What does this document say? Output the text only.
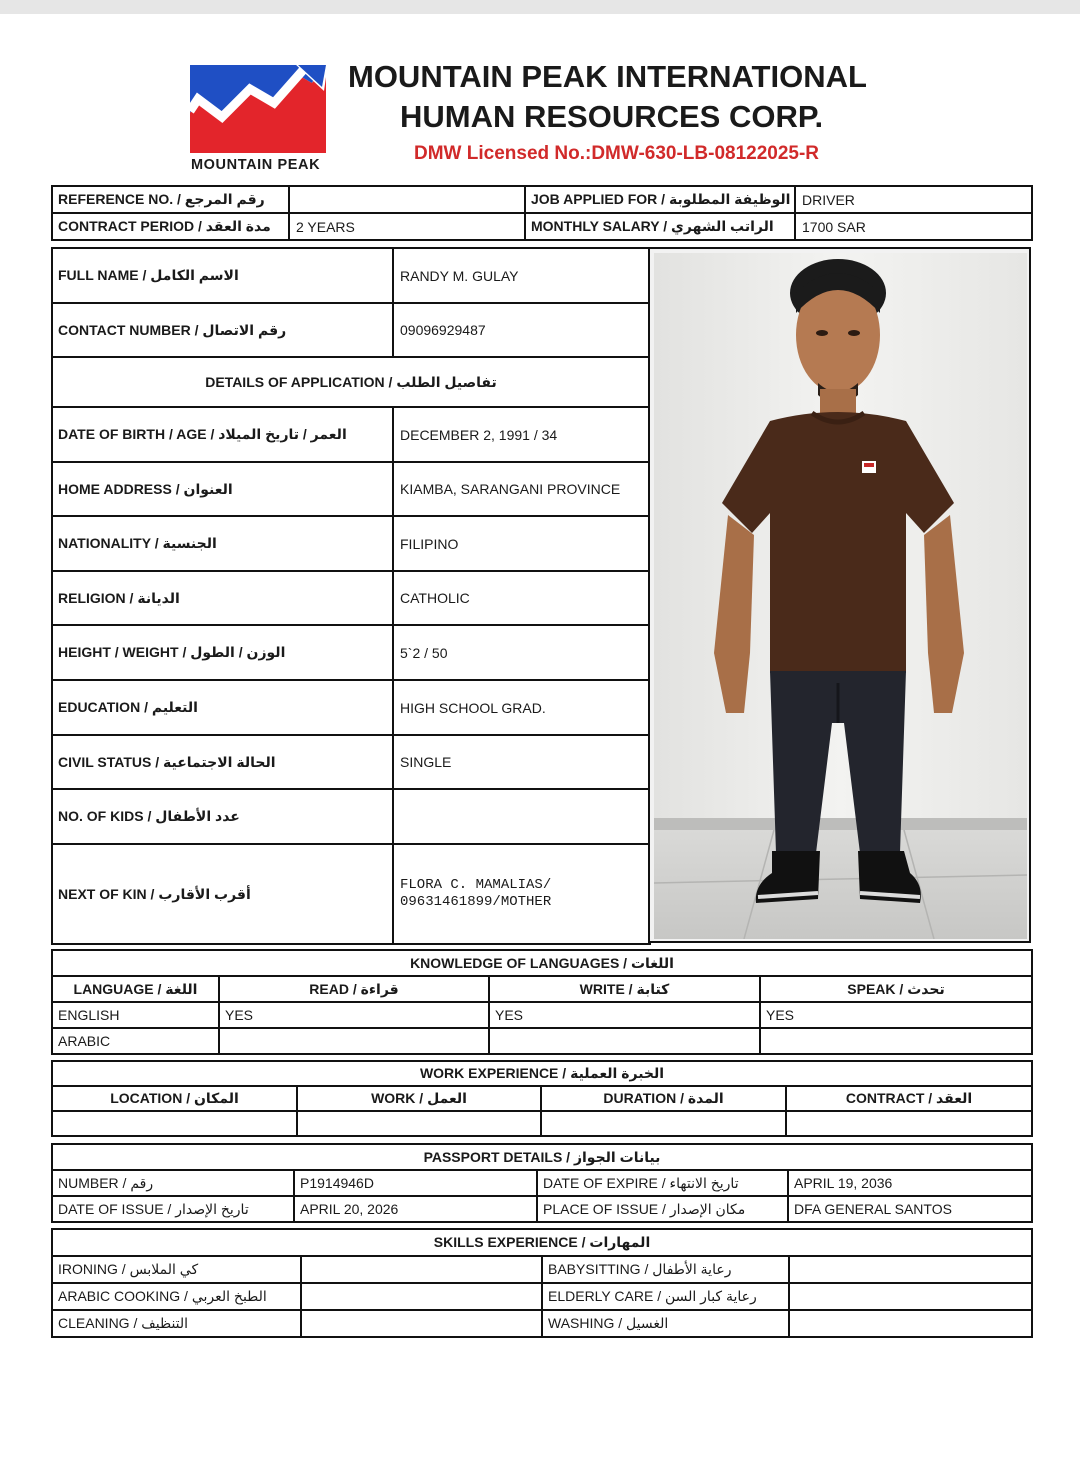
MOUNTAIN PEAK
MOUNTAIN PEAK INTERNATIONAL
HUMAN RESOURCES CORP.
DMW Licensed No.:DMW-630-LB-08122025-R
REFERENCE NO. / رقم المرجع		JOB APPLIED FOR / الوظيفة المطلوبة	DRIVER
CONTRACT PERIOD / مدة العقد	2 YEARS	MONTHLY SALARY / الراتب الشهري	1700 SAR
FULL NAME / الاسم الكامل	RANDY M. GULAY
CONTACT NUMBER / رقم الاتصال	09096929487
DETAILS OF APPLICATION / تفاصيل الطلب	
DATE OF BIRTH / AGE / العمر / تاريخ الميلاد	DECEMBER 2, 1991 / 34
HOME ADDRESS / العنوان	KIAMBA, SARANGANI PROVINCE
NATIONALITY / الجنسية	FILIPINO
RELIGION / الديانة	CATHOLIC
HEIGHT / WEIGHT / الوزن / الطول	5`2 / 50
EDUCATION / التعليم	HIGH SCHOOL GRAD.
CIVIL STATUS / الحالة الاجتماعية	SINGLE
NO. OF KIDS / عدد الأطفال	
NEXT OF KIN / أقرب الأقارب	FLORA C. MAMALIAS/
09631461899/MOTHER
KNOWLEDGE OF LANGUAGES / اللغات			
LANGUAGE / اللغة	READ / قراءة	WRITE / كتابة	SPEAK / تحدث
ENGLISH	YES	YES	YES
ARABIC			
WORK EXPERIENCE / الخبرة العملية			
LOCATION / المكان	WORK / العمل	DURATION / المدة	CONTRACT / العقد

PASSPORT DETAILS / بيانات الجواز			
NUMBER / رقم	P1914946D	DATE OF EXPIRE / تاريخ الانتهاء	APRIL 19, 2036
DATE OF ISSUE / تاريخ الإصدار	APRIL 20, 2026	PLACE OF ISSUE / مكان الإصدار	DFA GENERAL SANTOS
SKILLS EXPERIENCE / المهارات			
IRONING / كي الملابس		BABYSITTING / رعاية الأطفال	
ARABIC COOKING / الطبخ العربي		ELDERLY CARE / رعاية كبار السن	
CLEANING / التنظيف		WASHING / الغسيل	
